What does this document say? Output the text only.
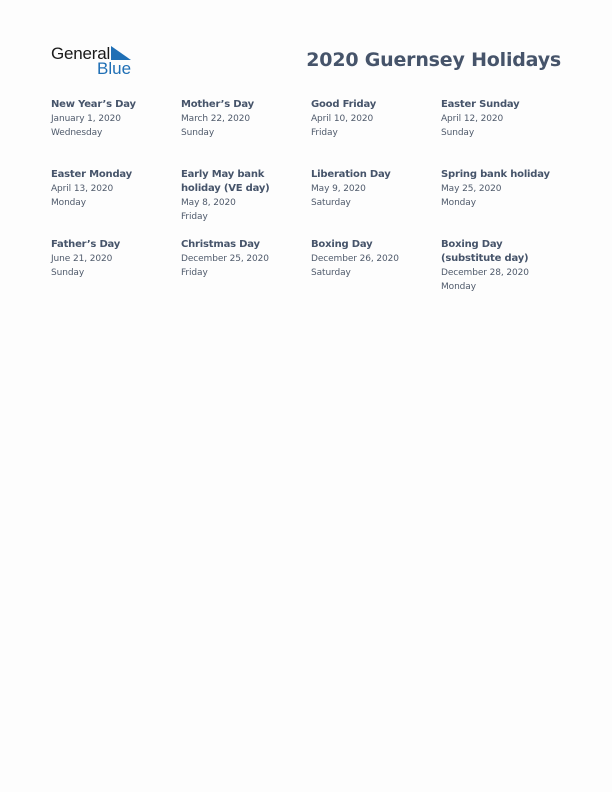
General
Blue	2020 Guernsey Holidays
New Year’s Day
January 1, 2020
Wednesday
Mother’s Day
March 22, 2020
Sunday
Good Friday
April 10, 2020
Friday
Easter Sunday
April 12, 2020
Sunday
Easter Monday
April 13, 2020
Monday
Early May bank holiday (VE day)
May 8, 2020
Friday
Liberation Day
May 9, 2020
Saturday
Spring bank holiday
May 25, 2020
Monday
Father’s Day
June 21, 2020
Sunday
Christmas Day
December 25, 2020
Friday
Boxing Day
December 26, 2020
Saturday
Boxing Day (substitute day)
December 28, 2020
Monday
